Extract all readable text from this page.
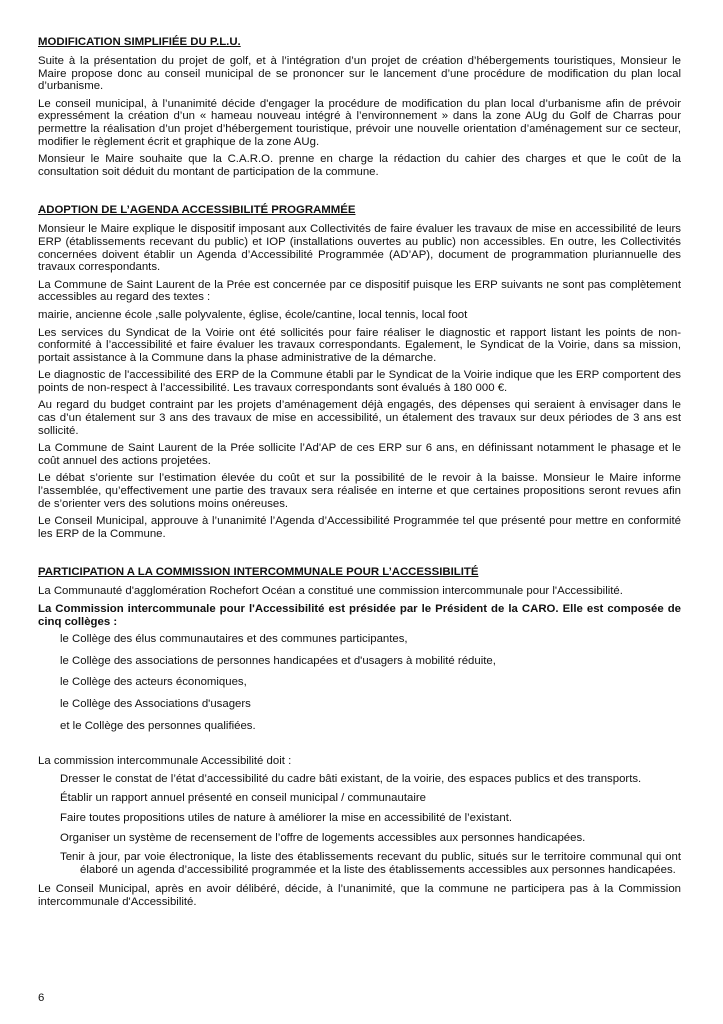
MODIFICATION SIMPLIFIÉE DU P.L.U.

Suite à la présentation du projet de golf, et à l’intégration d’un projet de création d’hébergements touristiques, Monsieur le Maire propose donc au conseil municipal de se prononcer sur le lancement d’une procédure de modification du plan local d’urbanisme.

Le conseil municipal, à l’unanimité décide d'engager la procédure de modification du plan local d’urbanisme afin de prévoir expressément la création d’un « hameau nouveau intégré à l’environnement » dans la zone AUg du Golf de Charras pour permettre la réalisation d’un projet d’hébergement touristique, prévoir une nouvelle orientation d’aménagement sur ce secteur, modifier le règlement écrit et graphique de la zone AUg.

Monsieur le Maire souhaite que la C.A.R.O. prenne en charge la rédaction du cahier des charges et que le coût de la consultation soit déduit du montant de participation de la commune.

ADOPTION DE L’AGENDA ACCESSIBILITÉ PROGRAMMÉE

Monsieur le Maire explique le dispositif imposant aux Collectivités de faire évaluer les travaux de mise en accessibilité de leurs ERP (établissements recevant du public) et IOP (installations ouvertes au public) non accessibles. En outre, les Collectivités concernées doivent établir un Agenda d’Accessibilité Programmée (AD’AP), document de programmation pluriannuelle des travaux correspondants.

La Commune de Saint Laurent de la Prée est concernée par ce dispositif puisque les ERP suivants ne sont pas complètement accessibles au regard des textes :

mairie, ancienne école ,salle polyvalente, église, école/cantine, local tennis, local foot

Les services du Syndicat de la Voirie ont été sollicités pour faire réaliser le diagnostic et rapport listant les points de non-conformité à l’accessibilité et faire évaluer les travaux correspondants. Egalement, le Syndicat de la Voirie, dans sa mission, portait assistance à la Commune dans la phase administrative de la démarche.

Le diagnostic de l'accessibilité des ERP de la Commune établi par le Syndicat de la Voirie indique que les ERP comportent des points de non-respect à l’accessibilité. Les travaux correspondants sont évalués à 180 000 €.

Au regard du budget contraint par les projets d’aménagement déjà engagés, des dépenses qui seraient à envisager dans le cas d’un étalement sur 3 ans des travaux de mise en accessibilité, un étalement des travaux sur deux périodes de 3 ans est sollicité.

La Commune de Saint Laurent de la Prée sollicite l’Ad'AP de ces ERP sur 6 ans, en définissant notamment le phasage et le coût annuel des actions projetées.

Le débat s’oriente sur l’estimation élevée du coût et sur la possibilité de le revoir à la baisse. Monsieur le Maire informe l’assemblée, qu’effectivement une partie des travaux sera réalisée en interne et que certaines propositions seront revues afin de s’orienter vers des solutions moins onéreuses.

Le Conseil Municipal, approuve à l’unanimité l’Agenda d’Accessibilité Programmée tel que présenté pour mettre en conformité les ERP de la Commune.

PARTICIPATION A LA COMMISSION INTERCOMMUNALE POUR L’ACCESSIBILITÉ

La Communauté d'agglomération Rochefort Océan a constitué une commission intercommunale pour l'Accessibilité.

La Commission intercommunale pour l'Accessibilité est présidée par le Président de la CARO. Elle est composée de cinq collèges :

le Collège des élus communautaires et des communes participantes,
le Collège des associations de personnes handicapées et d'usagers à mobilité réduite,
le Collège des acteurs économiques,
le Collège des Associations d'usagers
et le Collège des personnes qualifiées.

La commission intercommunale Accessibilité doit :

Dresser le constat de l’état d’accessibilité du cadre bâti existant, de la voirie, des espaces publics et des transports.
Établir un rapport annuel présenté en conseil municipal / communautaire
Faire toutes propositions utiles de nature à améliorer la mise en accessibilité de l’existant.
Organiser un système de recensement de l’offre de logements accessibles aux personnes handicapées.
Tenir à jour, par voie électronique, la liste des établissements recevant du public, situés sur le territoire communal qui ont élaboré un agenda d’accessibilité programmée et la liste des établissements accessibles aux personnes handicapées.

Le Conseil Municipal, après en avoir délibéré, décide, à l’unanimité, que la commune ne participera pas à la Commission intercommunale d'Accessibilité.

6
